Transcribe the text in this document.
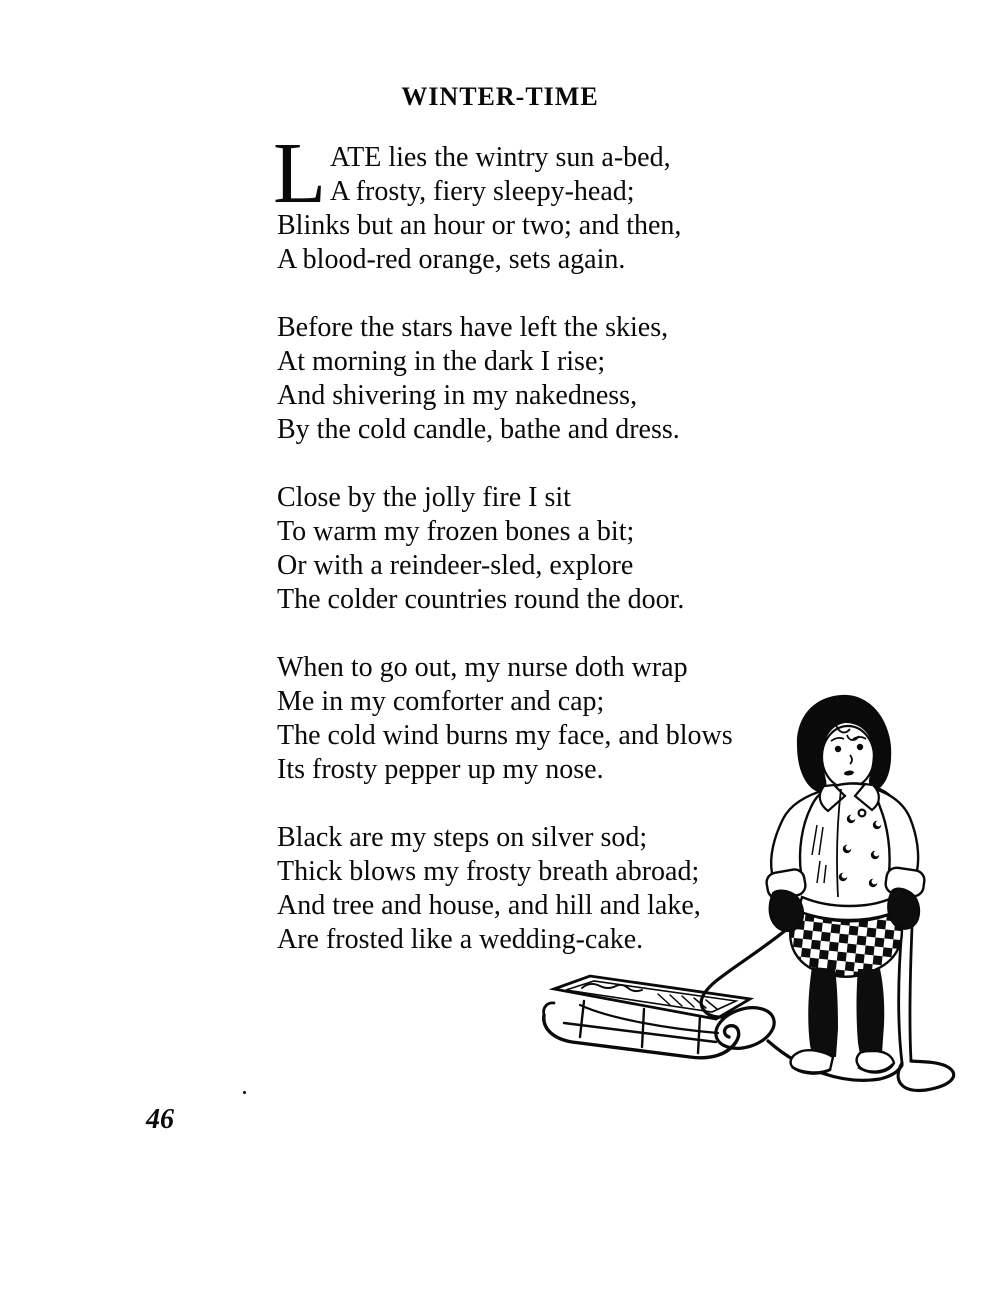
WINTER-TIME
L ATE lies the wintry sun a-bed,
A frosty, fiery sleepy-head;
Blinks but an hour or two; and then,
A blood-red orange, sets again.
Before the stars have left the skies,
At morning in the dark I rise;
And shivering in my nakedness,
By the cold candle, bathe and dress.
Close by the jolly fire I sit
To warm my frozen bones a bit;
Or with a reindeer-sled, explore
The colder countries round the door.
When to go out, my nurse doth wrap
Me in my comforter and cap;
The cold wind burns my face, and blows
Its frosty pepper up my nose.
Black are my steps on silver sod;
Thick blows my frosty breath abroad;
And tree and house, and hill and lake,
Are frosted like a wedding-cake.
46
